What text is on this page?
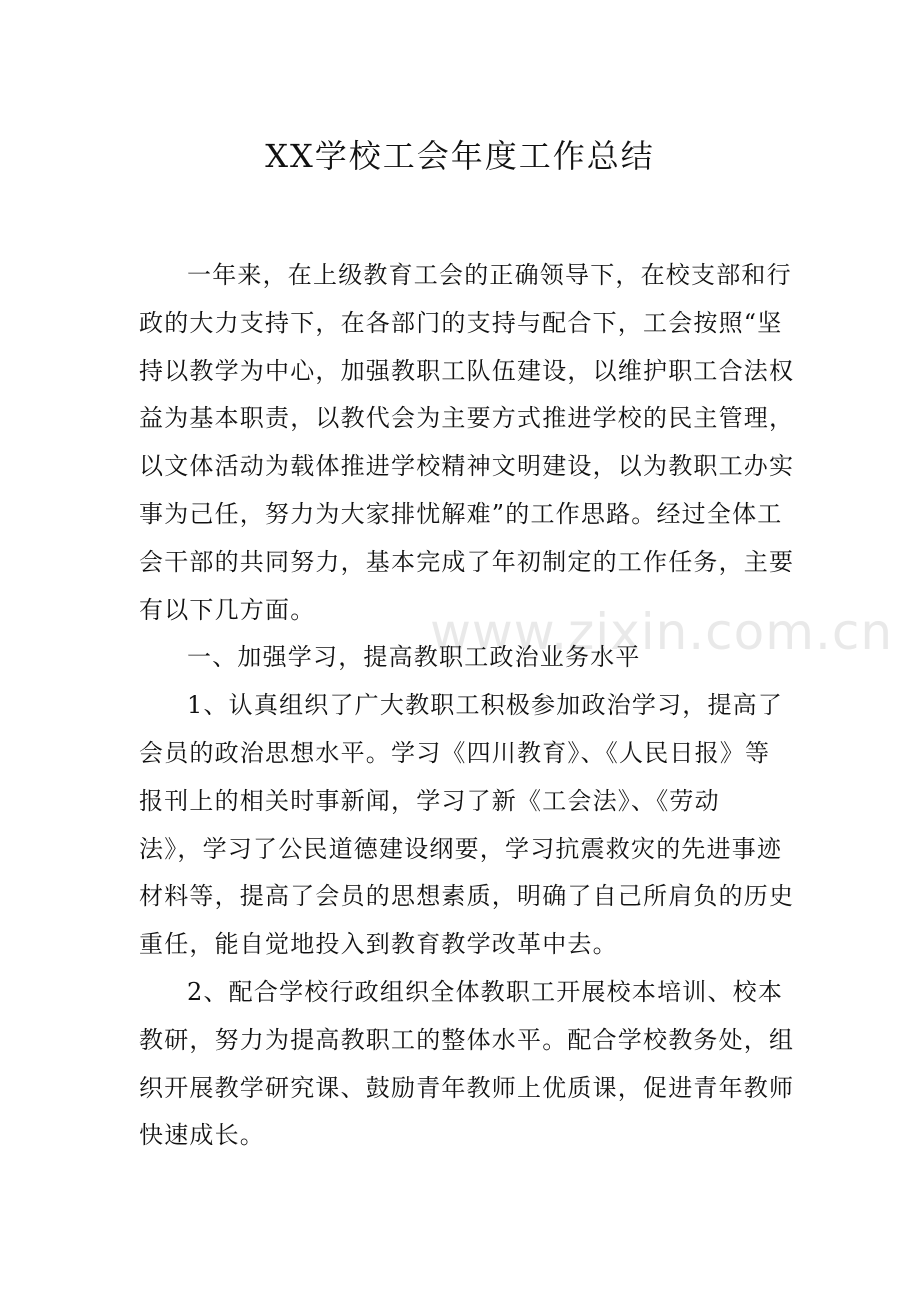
www.zixin.com.cn
XX学校工会年度工作总结
一年来，在上级教育工会的正确领导下，在校支部和行
政的大力支持下，在各部门的支持与配合下，工会按照“坚
持以教学为中心，加强教职工队伍建设，以维护职工合法权
益为基本职责，以教代会为主要方式推进学校的民主管理，
以文体活动为载体推进学校精神文明建设，以为教职工办实
事为己任，努力为大家排忧解难”的工作思路。经过全体工
会干部的共同努力，基本完成了年初制定的工作任务，主要
有以下几方面。
一、加强学习，提高教职工政治业务水平
1、认真组织了广大教职工积极参加政治学习，提高了
会员的政治思想水平。学习《四川教育》、《人民日报》等
报刊上的相关时事新闻，学习了新《工会法》、《劳动
法》，学习了公民道德建设纲要，学习抗震救灾的先进事迹
材料等，提高了会员的思想素质，明确了自己所肩负的历史
重任，能自觉地投入到教育教学改革中去。
2、配合学校行政组织全体教职工开展校本培训、校本
教研，努力为提高教职工的整体水平。配合学校教务处，组
织开展教学研究课、鼓励青年教师上优质课，促进青年教师
快速成长。
